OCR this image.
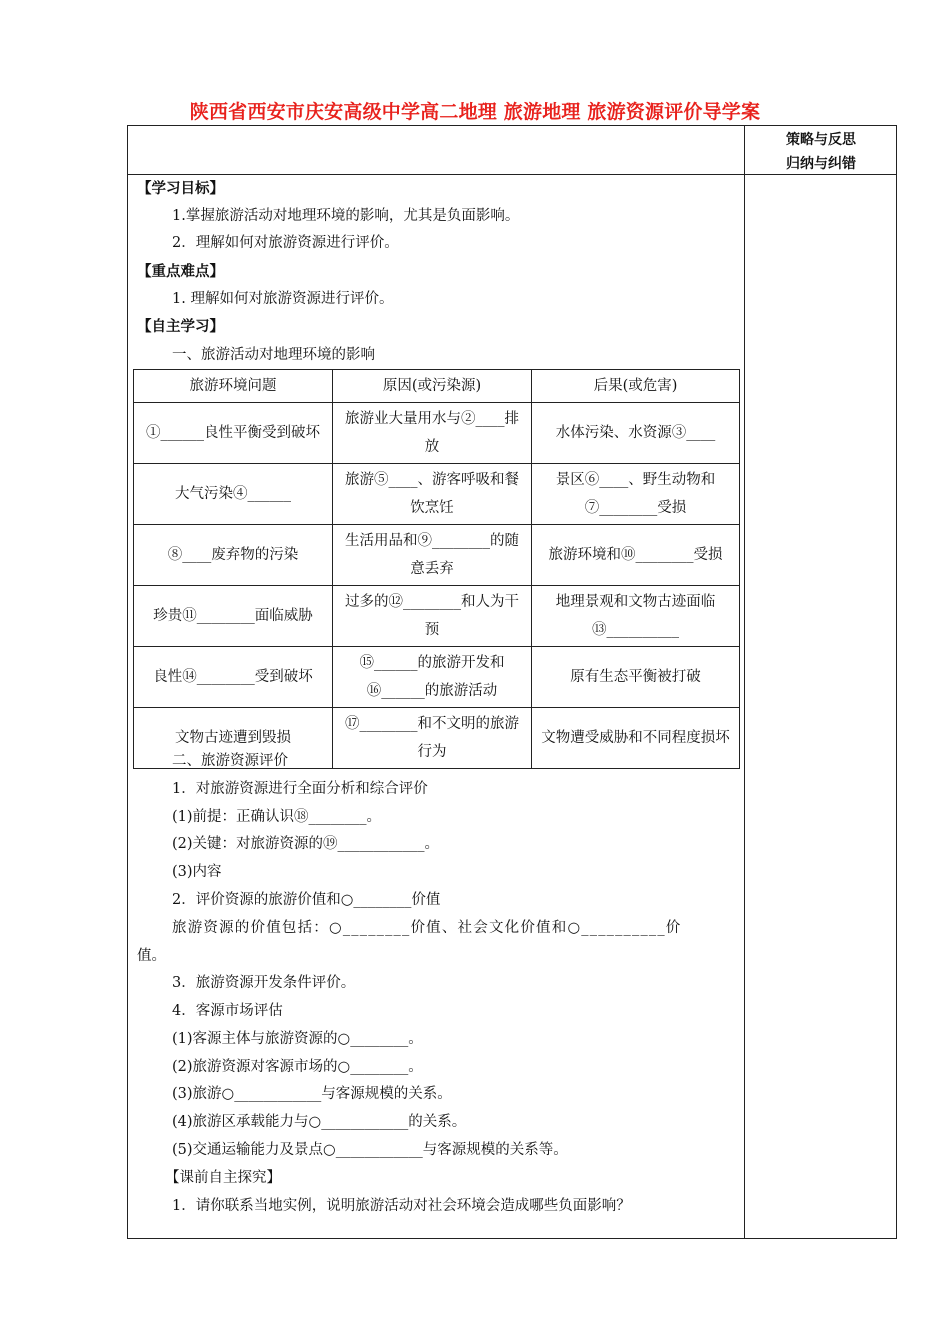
陕西省西安市庆安高级中学高二地理 旅游地理 旅游资源评价导学案
策略与反思
归纳与纠错
【学习目标】
1.掌握旅游活动对地理环境的影响，尤其是负面影响。
2．理解如何对旅游资源进行评价。
【重点难点】
1. 理解如何对旅游资源进行评价。
【自主学习】
一、旅游活动对地理环境的影响
旅游环境问题	原因(或污染源)	后果(或危害)
①______良性平衡受到破坏	旅游业大量用水与②____排放	水体污染、水资源③____
大气污染④______	旅游⑤____、游客呼吸和餐饮烹饪	景区⑥____、野生动物和⑦________受损
⑧____废弃物的污染	生活用品和⑨________的随意丢弃	旅游环境和⑩________受损
珍贵⑪________面临威胁	过多的⑫________和人为干预	地理景观和文物古迹面临⑬__________
良性⑭________受到破坏	⑮______的旅游开发和⑯______的旅游活动	原有生态平衡被打破
文物古迹遭到毁损	⑰________和不文明的旅游行为	文物遭受威胁和不同程度损坏
二、旅游资源评价
1．对旅游资源进行全面分析和综合评价
(1)前提：正确认识⑱________。
(2)关键：对旅游资源的⑲____________。
(3)内容
2．评价资源的旅游价值和○________价值
旅游资源的价值包括：○________价值、社会文化价值和○__________价
值。
3．旅游资源开发条件评价。
4．客源市场评估
(1)客源主体与旅游资源的○________。
(2)旅游资源对客源市场的○________。
(3)旅游○____________与客源规模的关系。
(4)旅游区承载能力与○____________的关系。
(5)交通运输能力及景点○____________与客源规模的关系等。
【课前自主探究】
1．请你联系当地实例，说明旅游活动对社会环境会造成哪些负面影响？
